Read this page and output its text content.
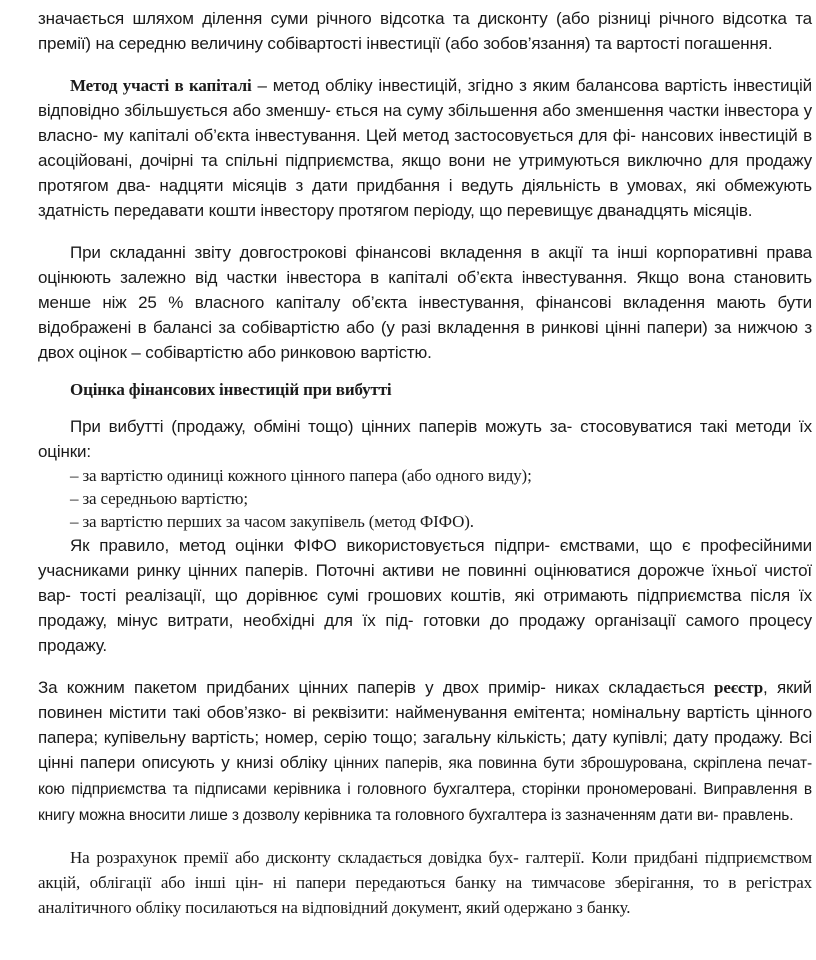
значається шляхом ділення суми річного відсотка та дисконту (або різниці річного відсотка та премії) на середню величину собівартості інвестиції (або зобов’язання) та вартості погашення.

Метод участі в капіталі – метод обліку інвестицій, згідно з яким балансова вартість інвестицій відповідно збільшується або зменшу- ється на суму збільшення або зменшення частки інвестора у власно- му капіталі об’єкта інвестування. Цей метод застосовується для фі- нансових інвестицій в асоційовані, дочірні та спільні підприємства, якщо вони не утримуються виключно для продажу протягом два- надцяти місяців з дати придбання і ведуть діяльність в умовах, які обмежують здатність передавати кошти інвестору протягом періоду, що перевищує дванадцять місяців.

При складанні звіту довгострокові фінансові вкладення в акції та інші корпоративні права оцінюють залежно від частки інвестора в капіталі об’єкта інвестування. Якщо вона становить менше ніж 25 % власного капіталу об’єкта інвестування, фінансові вкладення мають бути відображені в балансі за собівартістю або (у разі вкладення в ринкові цінні папери) за нижчою з двох оцінок – собівартістю або ринковою вартістю.

Оцінка фінансових інвестицій при вибутті

При вибутті (продажу, обміні тощо) цінних паперів можуть за- стосовуватися такі методи їх оцінки:

– за вартістю одиниці кожного цінного папера (або одного виду);
– за середньою вартістю;
– за вартістю перших за часом закупівель (метод ФІФО).

Як правило, метод оцінки ФІФО використовується підпри- ємствами, що є професійними учасниками ринку цінних паперів. Поточні активи не повинні оцінюватися дорожче їхньої чистої вар- тості реалізації, що дорівнює сумі грошових коштів, які отримають підприємства після їх продажу, мінус витрати, необхідні для їх під- готовки до продажу організації самого процесу продажу.

За кожним пакетом придбаних цінних паперів у двох примір- никах складається реєстр, який повинен містити такі обов’язко- ві реквізити: найменування емітента; номінальну вартість цінного папера; купівельну вартість; номер, серію тощо; загальну кількість; дату купівлі; дату продажу. Всі цінні папери описують у книзі обліку цінних паперів, яка повинна бути зброшурована, скріплена печат- кою підприємства та підписами керівника і головного бухгалтера, сторінки прономеровані. Виправлення в книгу можна вносити лише з дозволу керівника та головного бухгалтера із зазначенням дати ви- правлень.

На розрахунок премії або дисконту складається довідка бух- галтерії. Коли придбані підприємством акцій, облігації або інші цін- ні папери передаються банку на тимчасове зберігання, то в регістрах аналітичного обліку посилаються на відповідний документ, який одержано з банку.
